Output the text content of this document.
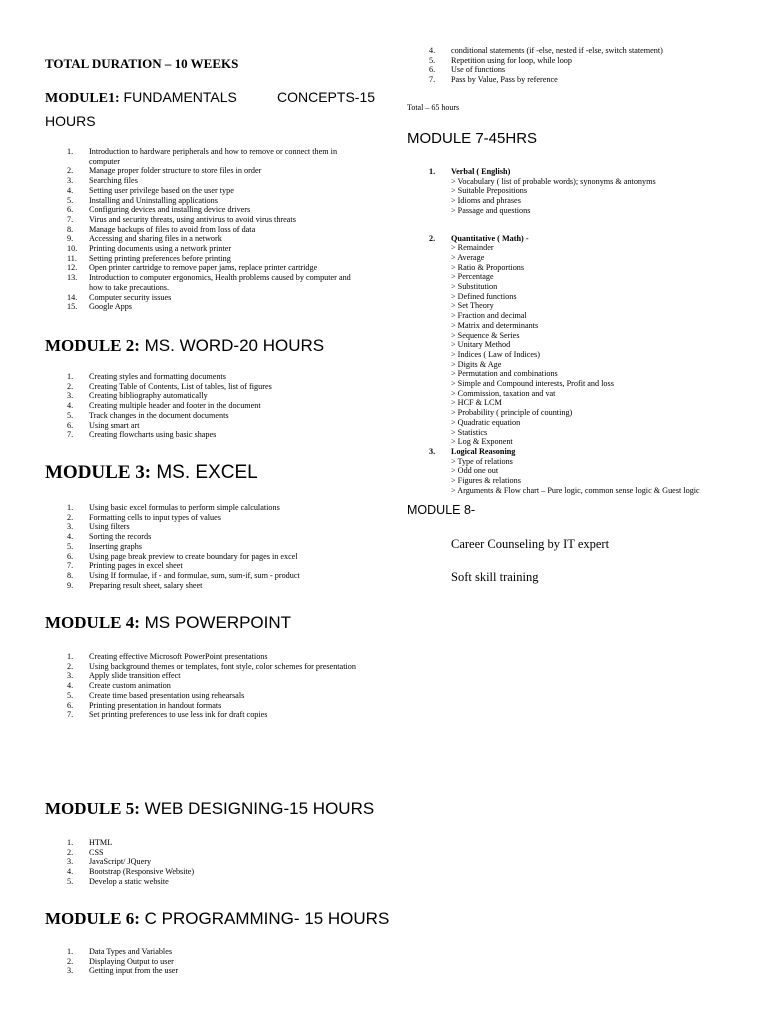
TOTAL DURATION – 10 WEEKS
MODULE1: FUNDAMENTALS	CONCEPTS-15
HOURS
1. Introduction to hardware peripherals and how to remove or connect them in computer
2. Manage proper folder structure to store files in order
3. Searching files
4. Setting user privilege based on the user type
5. Installing and Uninstalling applications
6. Configuring devices and installing device drivers
7. Virus and security threats, using antivirus to avoid virus threats
8. Manage backups of files to avoid from loss of data
9. Accessing and sharing files in a network
10. Printing documents using a network printer
11. Setting printing preferences before printing
12. Open printer cartridge to remove paper jams, replace printer cartridge
13. Introduction to computer ergonomics, Health problems caused by computer and how to take precautions.
14. Computer security issues
15. Google Apps
MODULE 2: MS. WORD-20 HOURS
1. Creating styles and formatting documents
2. Creating Table of Contents, List of tables, list of figures
3. Creating bibliography automatically
4. Creating multiple header and footer in the document
5. Track changes in the document documents
6. Using smart art
7. Creating flowcharts using basic shapes
MODULE 3: MS. EXCEL
1. Using basic excel formulas to perform simple calculations
2. Formatting cells to input types of values
3. Using filters
4. Sorting the records
5. Inserting graphs
6. Using page break preview to create boundary for pages in excel
7. Printing pages in excel sheet
8. Using If formulae, if - and formulae, sum, sum-if, sum - product
9. Preparing result sheet, salary sheet
MODULE 4: MS POWERPOINT
1. Creating effective Microsoft PowerPoint presentations
2. Using background themes or templates, font style, color schemes for presentation
3. Apply slide transition effect
4. Create custom animation
5. Create time based presentation using rehearsals
6. Printing presentation in handout formats
7. Set printing preferences to use less ink for draft copies
MODULE 5: WEB DESIGNING-15 HOURS
1. HTML
2. CSS
3. JavaScript/ JQuery
4. Bootstrap (Responsive Website)
5. Develop a static website
MODULE 6: C PROGRAMMING- 15 HOURS
1. Data Types and Variables
2. Displaying Output to user
3. Getting input from the user
4. conditional statements (if -else, nested if -else, switch statement)
5. Repetition using for loop, while loop
6. Use of functions
7. Pass by Value, Pass by reference
Total – 65 hours
MODULE 7-45HRS
1. Verbal ( English)
> Vocabulary ( list of probable words); synonyms & antonyms
> Suitable Prepositions
> Idioms and phrases
> Passage and questions
2. Quantitative ( Math) -
> Remainder
> Average
> Ratio & Proportions
> Percentage
> Substitution
> Defined functions
> Set Theory
> Fraction and decimal
> Matrix and determinants
> Sequence & Series
> Unitary Method
> Indices ( Law of Indices)
> Digits & Age
> Permutation and combinations
> Simple and Compound interests, Profit and loss
> Commission, taxation and vat
> HCF & LCM
> Probability ( principle of counting)
> Quadratic equation
> Statistics
> Log & Exponent
3. Logical Reasoning
> Type of relations
> Odd one out
> Figures & relations
> Arguments & Flow chart – Pure logic, common sense logic & Guest logic
MODULE 8-
Career Counseling by IT expert
Soft skill training
